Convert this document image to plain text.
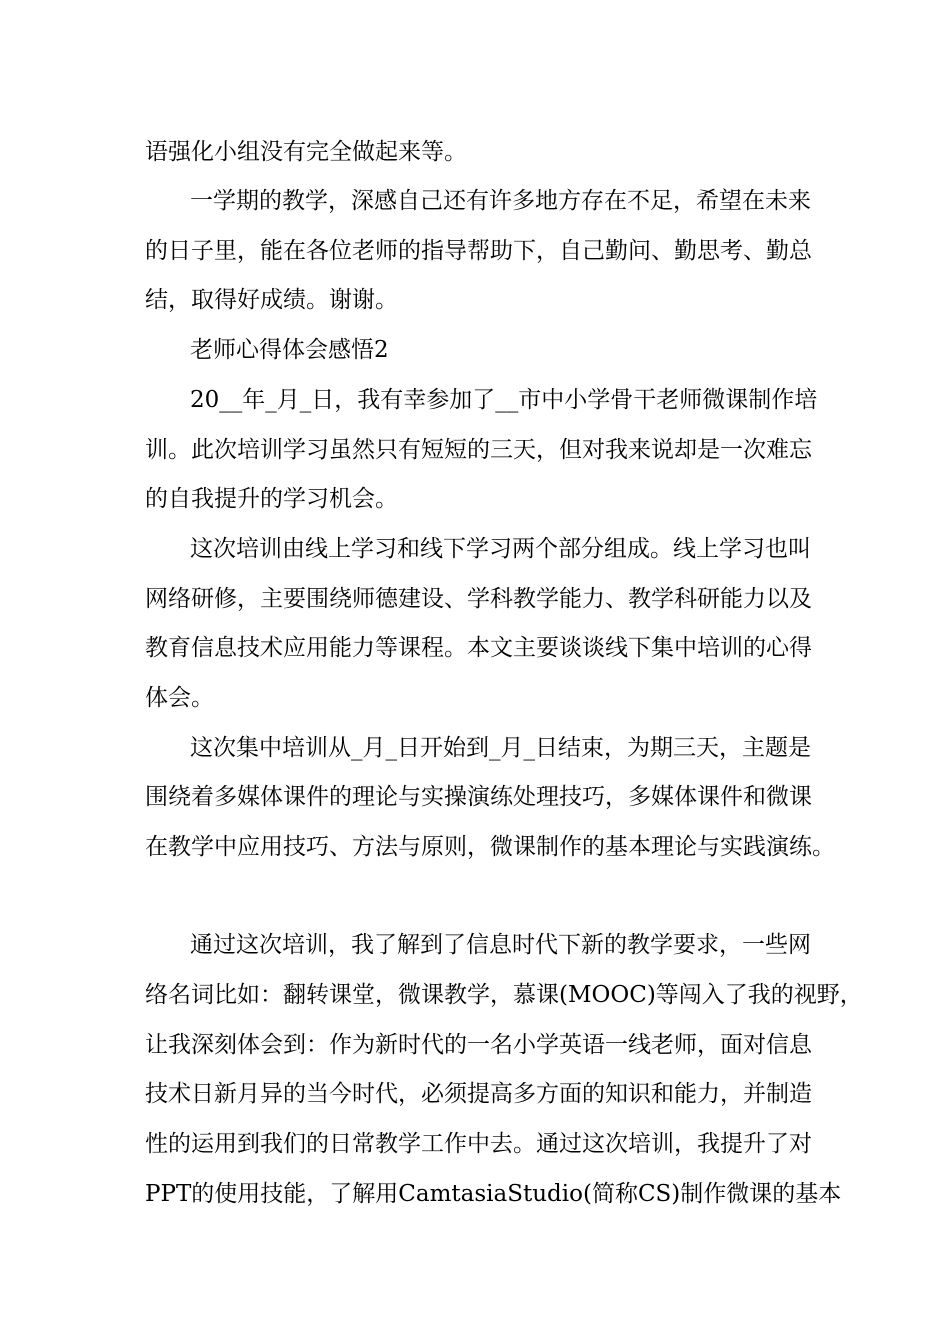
语强化小组没有完全做起来等。
一学期的教学，深感自己还有许多地方存在不足，希望在未来
的日子里，能在各位老师的指导帮助下，自己勤问、勤思考、勤总
结，取得好成绩。谢谢。
老师心得体会感悟2
20__年_月_日，我有幸参加了__市中小学骨干老师微课制作培
训。此次培训学习虽然只有短短的三天，但对我来说却是一次难忘
的自我提升的学习机会。
这次培训由线上学习和线下学习两个部分组成。线上学习也叫
网络研修，主要围绕师德建设、学科教学能力、教学科研能力以及
教育信息技术应用能力等课程。本文主要谈谈线下集中培训的心得
体会。
这次集中培训从_月_日开始到_月_日结束，为期三天，主题是
围绕着多媒体课件的理论与实操演练处理技巧，多媒体课件和微课
在教学中应用技巧、方法与原则，微课制作的基本理论与实践演练。
通过这次培训，我了解到了信息时代下新的教学要求，一些网
络名词比如：翻转课堂，微课教学，慕课(MOOC)等闯入了我的视野，
让我深刻体会到：作为新时代的一名小学英语一线老师，面对信息
技术日新月异的当今时代，必须提高多方面的知识和能力，并制造
性的运用到我们的日常教学工作中去。通过这次培训，我提升了对
PPT的使用技能，了解用CamtasiaStudio(简称CS)制作微课的基本
